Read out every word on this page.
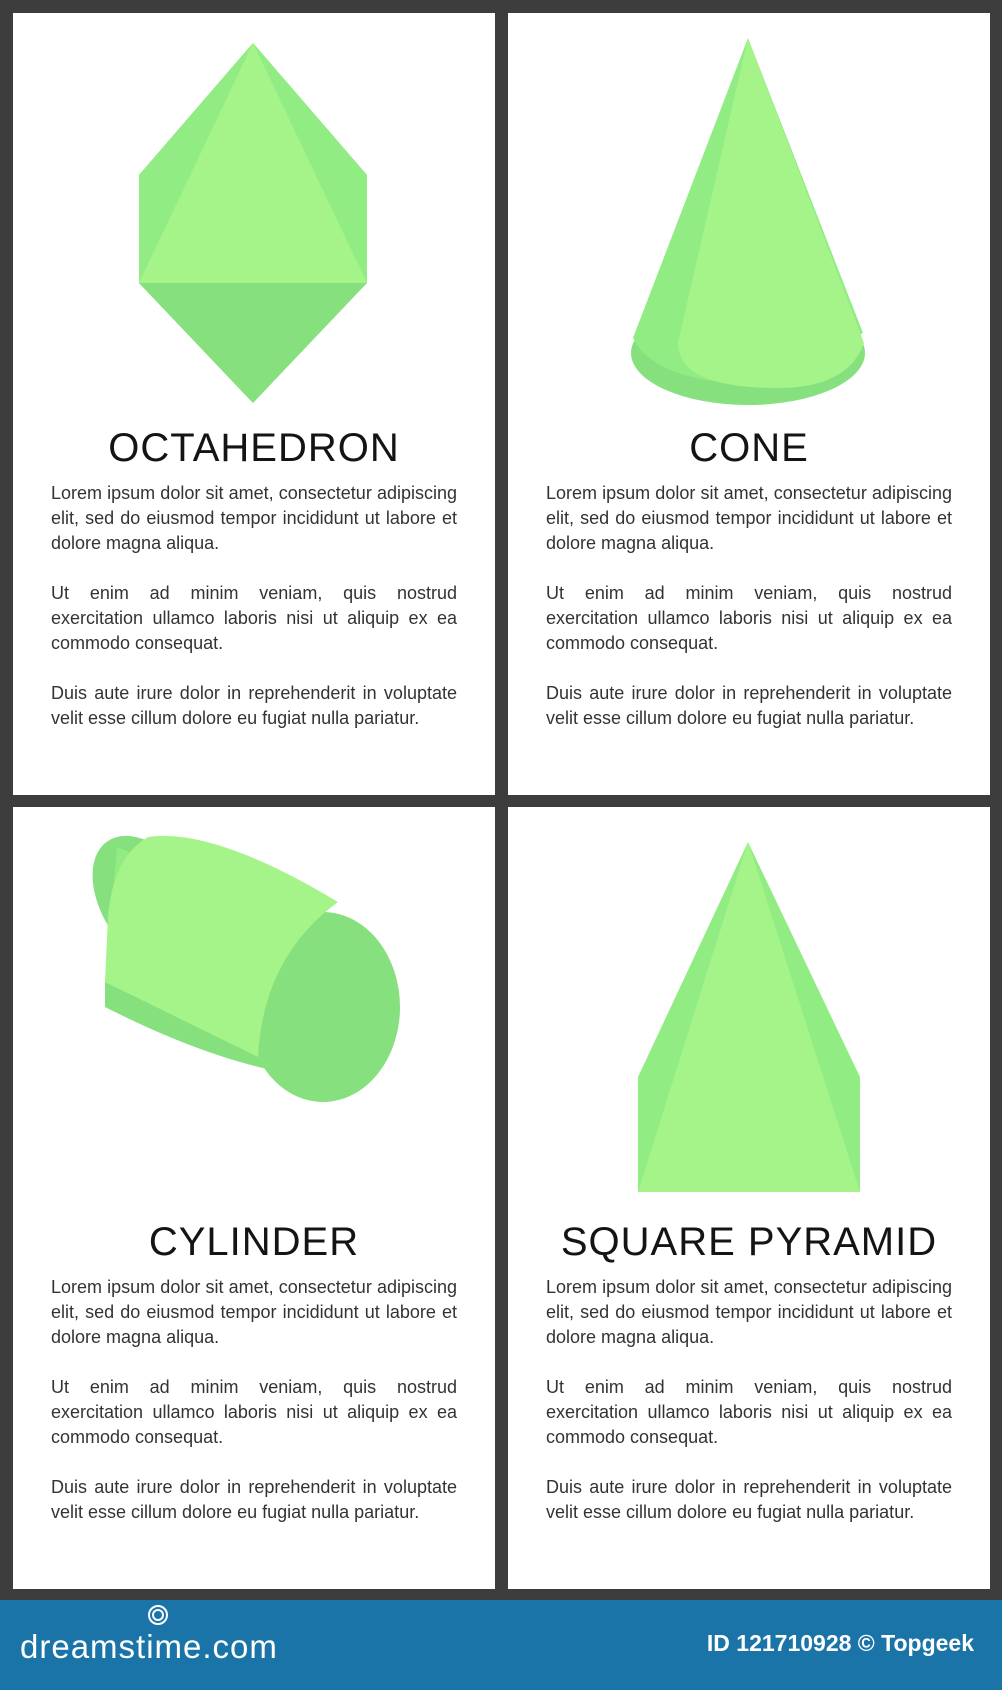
OCTAHEDRON

Lorem ipsum dolor sit amet, consectetur adipiscing elit, sed do eiusmod tempor incididunt ut labore et dolore magna aliqua.

Ut enim ad minim veniam, quis nostrud exercitation ullamco laboris nisi ut aliquip ex ea commodo consequat.

Duis aute irure dolor in reprehenderit in voluptate velit esse cillum dolore eu fugiat nulla pariatur.

CONE

Lorem ipsum dolor sit amet, consectetur adipiscing elit, sed do eiusmod tempor incididunt ut labore et dolore magna aliqua.

Ut enim ad minim veniam, quis nostrud exercitation ullamco laboris nisi ut aliquip ex ea commodo consequat.

Duis aute irure dolor in reprehenderit in voluptate velit esse cillum dolore eu fugiat nulla pariatur.

CYLINDER

Lorem ipsum dolor sit amet, consectetur adipiscing elit, sed do eiusmod tempor incididunt ut labore et dolore magna aliqua.

Ut enim ad minim veniam, quis nostrud exercitation ullamco laboris nisi ut aliquip ex ea commodo consequat.

Duis aute irure dolor in reprehenderit in voluptate velit esse cillum dolore eu fugiat nulla pariatur.

SQUARE PYRAMID

Lorem ipsum dolor sit amet, consectetur adipiscing elit, sed do eiusmod tempor incididunt ut labore et dolore magna aliqua.

Ut enim ad minim veniam, quis nostrud exercitation ullamco laboris nisi ut aliquip ex ea commodo consequat.

Duis aute irure dolor in reprehenderit in voluptate velit esse cillum dolore eu fugiat nulla pariatur.

dreamstime.com	ID 121710928 © Topgeek
